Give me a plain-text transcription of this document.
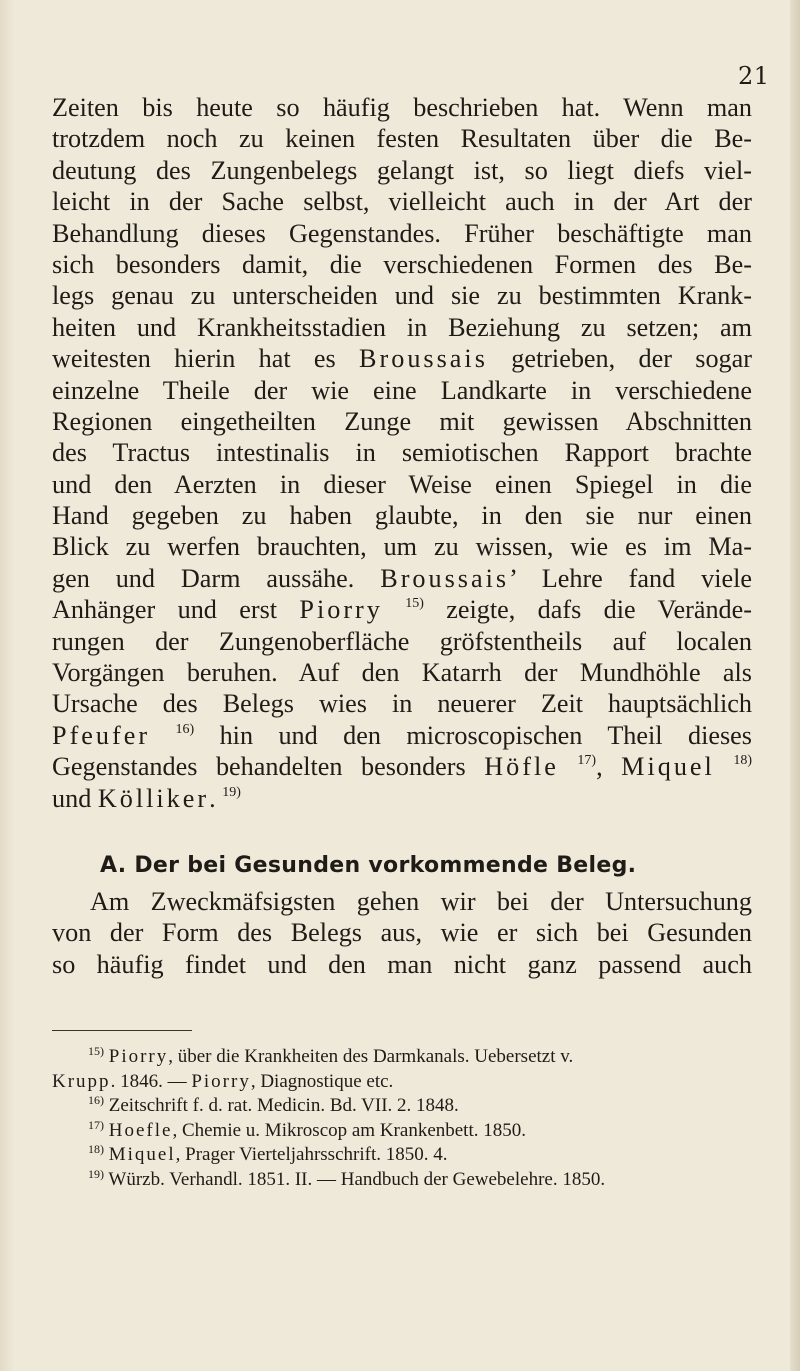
21
Zeiten bis heute so häufig beschrieben hat. Wenn man
trotzdem noch zu keinen festen Resultaten über die Be-
deutung des Zungenbelegs gelangt ist, so liegt diefs viel-
leicht in der Sache selbst, vielleicht auch in der Art der
Behandlung dieses Gegenstandes. Früher beschäftigte man
sich besonders damit, die verschiedenen Formen des Be-
legs genau zu unterscheiden und sie zu bestimmten Krank-
heiten und Krankheitsstadien in Beziehung zu setzen; am
weitesten hierin hat es Broussais getrieben, der sogar
einzelne Theile der wie eine Landkarte in verschiedene
Regionen eingetheilten Zunge mit gewissen Abschnitten
des Tractus intestinalis in semiotischen Rapport brachte
und den Aerzten in dieser Weise einen Spiegel in die
Hand gegeben zu haben glaubte, in den sie nur einen
Blick zu werfen brauchten, um zu wissen, wie es im Ma-
gen und Darm aussähe. Broussais’ Lehre fand viele
Anhänger und erst Piorry $^{15)}$ zeigte, dafs die Verände-
rungen der Zungenoberfläche gröfstentheils auf localen
Vorgängen beruhen. Auf den Katarrh der Mundhöhle als
Ursache des Belegs wies in neuerer Zeit hauptsächlich
Pfeufer $^{16)}$ hin und den microscopischen Theil dieses
Gegenstandes behandelten besonders Höfle $^{17)}$, Miquel $^{18)}$
und Kölliker. $^{19)}$
A. Der bei Gesunden vorkommende Beleg.
Am Zweckmäfsigsten gehen wir bei der Untersuchung
von der Form des Belegs aus, wie er sich bei Gesunden
so häufig findet und den man nicht ganz passend auch
$^{15)}$ Piorry, über die Krankheiten des Darmkanals. Uebersetzt v.
Krupp. 1846. — Piorry, Diagnostique etc.
$^{16)}$ Zeitschrift f. d. rat. Medicin. Bd. VII. 2. 1848.
$^{17)}$ Hoefle, Chemie u. Mikroscop am Krankenbett. 1850.
$^{18)}$ Miquel, Prager Vierteljahrsschrift. 1850. 4.
$^{19)}$ Würzb. Verhandl. 1851. II. — Handbuch der Gewebelehre. 1850.
